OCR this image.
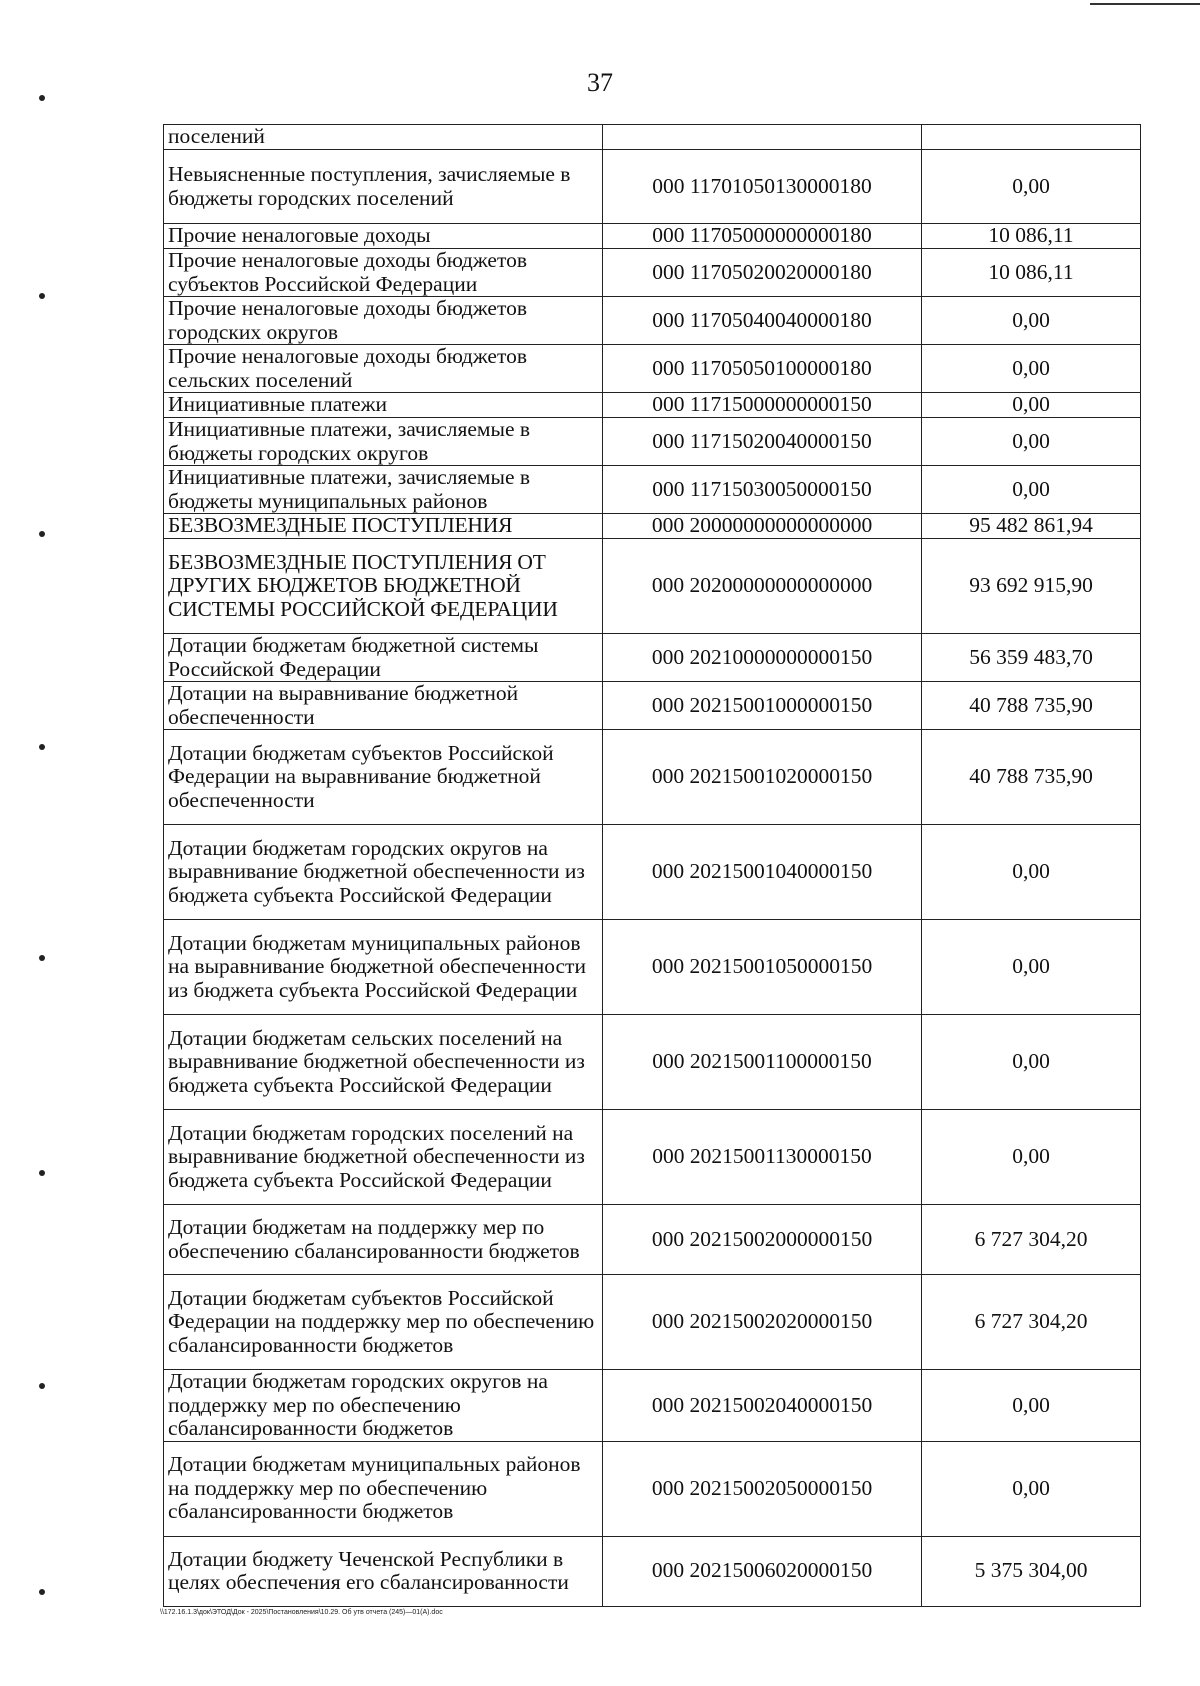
37
поселений		
Невыясненные поступления, зачисляемые в бюджеты городских поселений	000 11701050130000180	0,00
Прочие неналоговые доходы	000 11705000000000180	10 086,11
Прочие неналоговые доходы бюджетов субъектов Российской Федерации	000 11705020020000180	10 086,11
Прочие неналоговые доходы бюджетов городских округов	000 11705040040000180	0,00
Прочие неналоговые доходы бюджетов сельских поселений	000 11705050100000180	0,00
Инициативные платежи	000 11715000000000150	0,00
Инициативные платежи, зачисляемые в бюджеты городских округов	000 11715020040000150	0,00
Инициативные платежи, зачисляемые в бюджеты муниципальных районов	000 11715030050000150	0,00
БЕЗВОЗМЕЗДНЫЕ ПОСТУПЛЕНИЯ	000 20000000000000000	95 482 861,94
БЕЗВОЗМЕЗДНЫЕ ПОСТУПЛЕНИЯ ОТ ДРУГИХ БЮДЖЕТОВ БЮДЖЕТНОЙ СИСТЕМЫ РОССИЙСКОЙ ФЕДЕРАЦИИ	000 20200000000000000	93 692 915,90
Дотации бюджетам бюджетной системы Российской Федерации	000 20210000000000150	56 359 483,70
Дотации на выравнивание бюджетной обеспеченности	000 20215001000000150	40 788 735,90
Дотации бюджетам субъектов Российской Федерации на выравнивание бюджетной обеспеченности	000 20215001020000150	40 788 735,90
Дотации бюджетам городских округов на выравнивание бюджетной обеспеченности из бюджета субъекта Российской Федерации	000 20215001040000150	0,00
Дотации бюджетам муниципальных районов на выравнивание бюджетной обеспеченности из бюджета субъекта Российской Федерации	000 20215001050000150	0,00
Дотации бюджетам сельских поселений на выравнивание бюджетной обеспеченности из бюджета субъекта Российской Федерации	000 20215001100000150	0,00
Дотации бюджетам городских поселений на выравнивание бюджетной обеспеченности из бюджета субъекта Российской Федерации	000 20215001130000150	0,00
Дотации бюджетам на поддержку мер по обеспечению сбалансированности бюджетов	000 20215002000000150	6 727 304,20
Дотации бюджетам субъектов Российской Федерации на поддержку мер по обеспечению сбалансированности бюджетов	000 20215002020000150	6 727 304,20
Дотации бюджетам городских округов на поддержку мер по обеспечению сбалансированности бюджетов	000 20215002040000150	0,00
Дотации бюджетам муниципальных районов на поддержку мер по обеспечению сбалансированности бюджетов	000 20215002050000150	0,00
Дотации бюджету Чеченской Республики в целях обеспечения его сбалансированности	000 20215006020000150	5 375 304,00
\\172.16.1.3\док\ЭТОД\Док - 2025\Постановления\10.29. Об утв отчета (245)—01(А).doc
